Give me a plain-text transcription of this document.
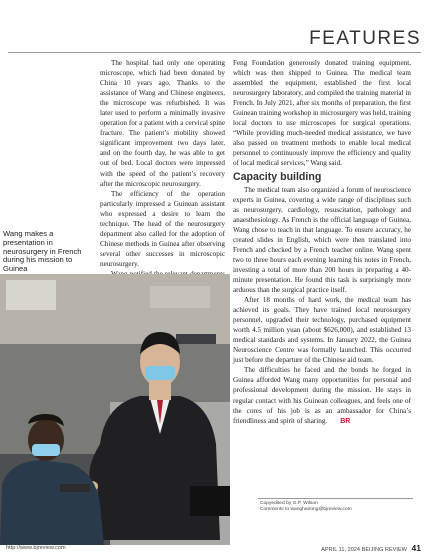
FEATURES

The hospital had only one operating microscope, which had been donated by China 10 years ago. Thanks to the assistance of Wang and Chinese engineers, the microscope was refurbished. It was later used to perform a minimally invasive operation for a patient with a cervical spine fracture. The patient’s mobility showed significant improvement two days later, and on the fourth day, he was able to get out of bed. Local doctors were impressed with the speed of the patient’s recovery after the microscopic neurosurgery.

The efficiency of the operation particularly impressed a Guinean assistant who expressed a desire to learn the technique. The head of the neurosurgery department also called for the adoption of Chinese methods in Guinea after observing several other successes in microscopic neurosurgery.

Feng Foundation generously donated training equipment, which was then shipped to Guinea. The medical team assembled the equipment, established the first local neurosurgery laboratory, and compiled the training material in French. In July 2021, after six months of preparation, the first Guinean training workshop in microsurgery was held, training local doctors to use microscopes for surgical operations. “While providing much-needed medical assistance, we have also passed on treatment methods to enable local medical personnel to continuously improve the efficiency and quality of local medical services,” Wang said.

Capacity building

The medical team also organized a forum of neuroscience experts in Guinea, covering a wide range of disciplines such as neurosurgery, cardiology, resuscitation, pathology and anaesthesiology. As French is the official language of Guinea, Wang chose to teach in that language. To ensure accuracy, he created slides in English, which were then translated into French and checked by a French teacher online. Wang spent two to three hours each evening learning his notes in French, investing a total of more than 200 hours in preparing a 40-minute presentation. He found this task is surprisingly more arduous than the surgical practice itself.

After 18 months of hard work, the medical team has achieved its goals. They have trained local neurosurgery personnel, upgraded their technology, purchased equipment worth 4.5 million yuan (about $626,000), and established 13 medical standards and systems. In January 2022, the Guinea Neuroscience Centre was formally launched. This occurred just before the departure of the Chinese aid team.

The difficulties he faced and the bonds he forged in Guinea afforded Wang many opportunities for personal and professional development during the mission. He stays in regular contact with his Guinean colleagues, and feels one of the cores of his job is as an ambassador for China’s friendliness and spirit of sharing. BR

Wang makes a presentation in neurosurgery in French during his mission to Guinea
Copyedited by G.P. Wilson
Comments to wanghairong@bjreview.com
http://www.bjreview.com	APRIL 11, 2024 BEIJING REVIEW 41
